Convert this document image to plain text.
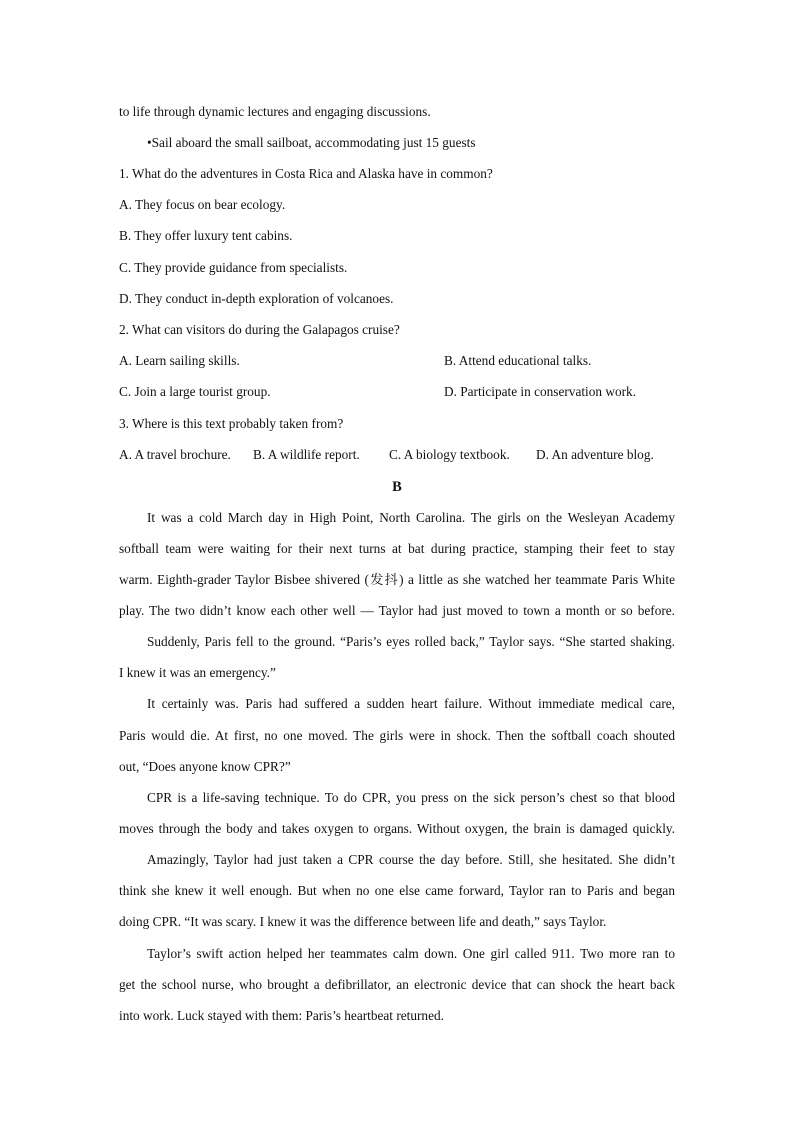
to life through dynamic lectures and engaging discussions.
•Sail aboard the small sailboat, accommodating just 15 guests
1. What do the adventures in Costa Rica and Alaska have in common?
A. They focus on bear ecology.
B. They offer luxury tent cabins.
C. They provide guidance from specialists.
D. They conduct in-depth exploration of volcanoes.
2. What can visitors do during the Galapagos cruise?
A. Learn sailing skills.	B. Attend educational talks.
C. Join a large tourist group.	D. Participate in conservation work.
3. Where is this text probably taken from?
A. A travel brochure. B. A wildlife report. C. A biology textbook. D. An adventure blog.
B
It was a cold March day in High Point, North Carolina. The girls on the Wesleyan Academy
softball team were waiting for their next turns at bat during practice, stamping their feet to stay
warm. Eighth-grader Taylor Bisbee shivered (发抖) a little as she watched her teammate Paris White
play. The two didn’t know each other well — Taylor had just moved to town a month or so before.
Suddenly, Paris fell to the ground. “Paris’s eyes rolled back,” Taylor says. “She started shaking.
I knew it was an emergency.”
It certainly was. Paris had suffered a sudden heart failure. Without immediate medical care,
Paris would die. At first, no one moved. The girls were in shock. Then the softball coach shouted
out, “Does anyone know CPR?”
CPR is a life-saving technique. To do CPR, you press on the sick person’s chest so that blood
moves through the body and takes oxygen to organs. Without oxygen, the brain is damaged quickly.
Amazingly, Taylor had just taken a CPR course the day before. Still, she hesitated. She didn’t
think she knew it well enough. But when no one else came forward, Taylor ran to Paris and began
doing CPR. “It was scary. I knew it was the difference between life and death,” says Taylor.
Taylor’s swift action helped her teammates calm down. One girl called 911. Two more ran to
get the school nurse, who brought a defibrillator, an electronic device that can shock the heart back
into work. Luck stayed with them: Paris’s heartbeat returned.
